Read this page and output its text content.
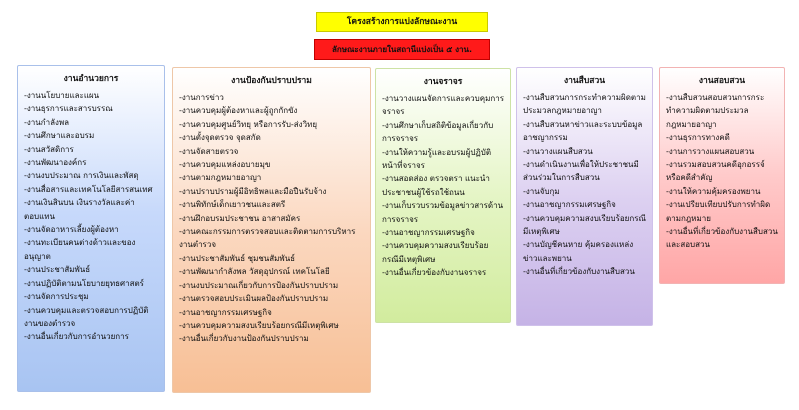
โครงสร้างการแบ่งลักษณะงาน
ลักษณะงานภายในสถานีแบ่งเป็น ๕ งาน.
งานอำนวยการ
-งานนโยบายและแผน
-งานธุรการและสารบรรณ
-งานกำลังพล
-งานศึกษาและอบรม
-งานสวัสดิการ
-งานพัฒนาองค์กร
-งานงบประมาณ การเงินและพัสดุ
-งานสื่อสารและเทคโนโลยีสารสนเทศ
-งานเงินสินบน เงินรางวัลและค่าตอบแทน
-งานจัดอาหารเลี้ยงผู้ต้องหา
-งานทะเบียนคนต่างด้าวและของอนุญาต
-งานประชาสัมพันธ์
-งานปฏิบัติตามนโยบายยุทธศาสตร์
-งานจัดการประชุม
-งานควบคุมและตรวจสอบการปฏิบัติงานของตำรวจ
-งานอื่นเกี่ยวกับการอำนวยการ
งานป้องกันปราบปราม
-งานการข่าว
-งานควบคุมผู้ต้องหาและผู้ถูกกักขัง
-งานควบคุมศูนย์วิทยุ หรือการรับ-ส่งวิทยุ
-งานตั้งจุดตรวจ จุดสกัด
-งานจัดสายตรวจ
-งานควบคุมแหล่งอบายมุข
-งานตามกฎหมายอาญา
-งานปราบปรามผู้มีอิทธิพลและมือปืนรับจ้าง
-งานพิทักษ์เด็กเยาวชนและสตรี
-งานฝึกอบรมประชาชน อาสาสมัคร
-งานคณะกรรมการตรวจสอบและติดตามการบริหารงานตำรวจ
-งานประชาสัมพันธ์ ชุมชนสัมพันธ์
-งานพัฒนากำลังพล วัสดุอุปกรณ์ เทคโนโลยี
-งานงบประมาณเกี่ยวกับการป้องกันปราบปราม
-งานตรวจสอบประเมินผลป้องกันปราบปราม
-งานอาชญากรรมเศรษฐกิจ
-งานควบคุมความสงบเรียบร้อยกรณีมีเหตุพิเศษ
-งานอื่นเกี่ยวกับงานป้องกันปราบปราม
งานจราจร
-งานวางแผนจัดการและควบคุมการจราจร
-งานศึกษาเก็บสถิติข้อมูลเกี่ยวกับการจราจร
-งานให้ความรู้และอบรมผู้ปฏิบัติหน้าที่จราจร
-งานสอดส่อง ตรวจตรา แนะนำประชาชนผู้ใช้รถใช้ถนน
-งานเก็บรวบรวมข้อมูลข่าวสารด้านการจราจร
-งานอาชญากรรมเศรษฐกิจ
-งานควบคุมความสงบเรียบร้อยกรณีมีเหตุพิเศษ
-งานอื่นเกี่ยวข้องกับงานจราจร
งานสืบสวน
-งานสืบสวนการกระทำความผิดตามประมวลกฎหมายอาญา
-งานสืบสวนหาข่าวและระบบข้อมูลอาชญากรรม
-งานวางแผนสืบสวน
-งานดำเนินงานเพื่อให้ประชาชนมีส่วนร่วมในการสืบสวน
-งานจับกุม
-งานอาชญากรรมเศรษฐกิจ
-งานควบคุมความสงบเรียบร้อยกรณีมีเหตุพิเศษ
-งานบัญชีคนหาย คุ้มครองแหล่งข่าวและพยาน
-งานอื่นที่เกี่ยวข้องกับงานสืบสวน
งานสอบสวน
-งานสืบสวนสอบสวนการกระทำความผิดตามประมวลกฎหมายอาญา
-งานธุรการทางคดี
-งานการวางแผนสอบสวน
-งานรวมสอบสวนคดีอุกอรรจ์หรือคดีสำคัญ
-งานให้ความคุ้มครองพยาน
-งานเปรียบเทียบปรับการทำผิดตามกฎหมาย
-งานอื่นที่เกี่ยวข้องกับงานสืบสวนและสอบสวน
